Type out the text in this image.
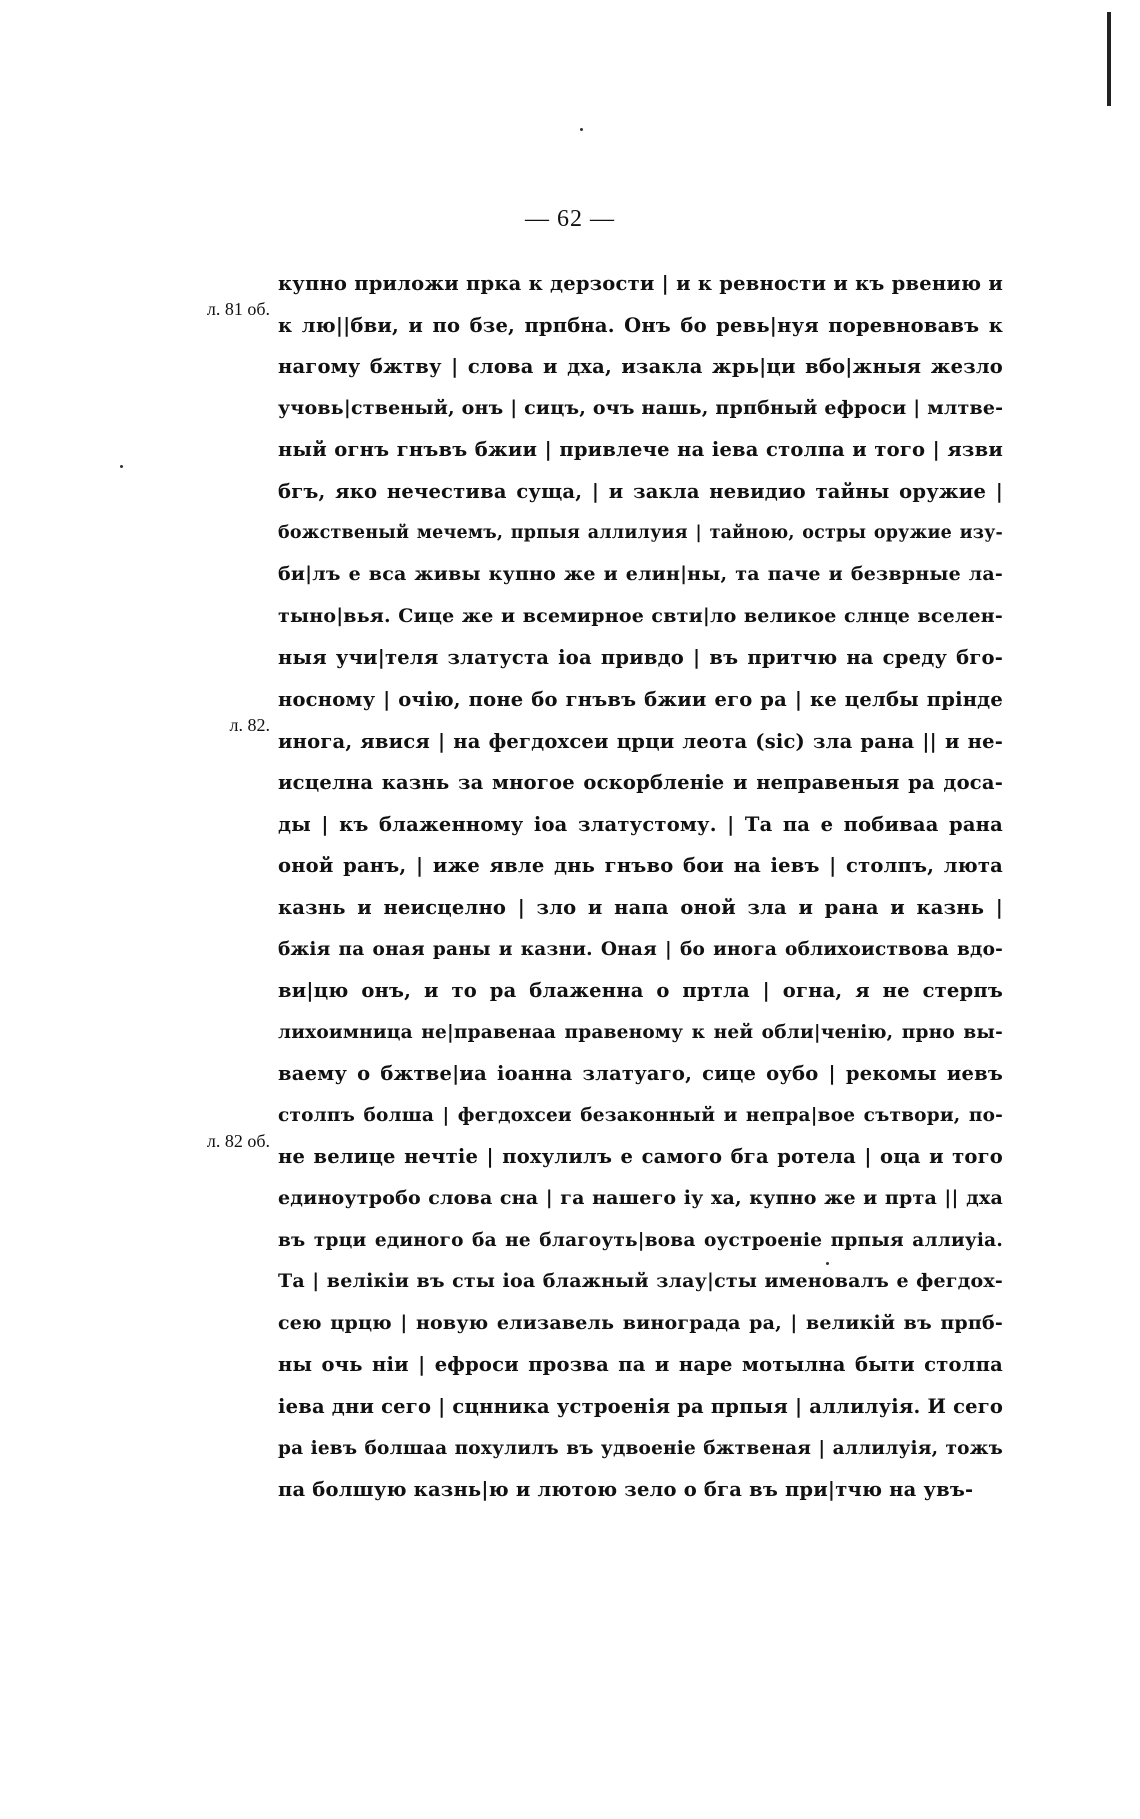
— 62 —
л. 81 об.
л. 82.
л. 82 об.
купно приложи прка к дерзости | и к ревности и къ рвению и
к лю||бви, и по бзе, прпбна. Онъ бо ревь|нуя поревновавъ к
нагому бжтву | слова и дха, изакла жрь|ци вбо|жныя жезло
учовь|ственый, онъ | сицъ, очъ нашь, прпбный ефроси | млтве-
ный огнъ гнъвъ бжии | привлече на іева столпа и того | язви
бгъ, яко нечестива суща, | и закла невидио тайны оружие |
божственый мечемъ, прпыя аллилуия | тайною, остры оружие изу-
би|лъ е вса живы купно же и елин|ны, та паче и безврные ла-
тыно|вья. Сице же и всемирное свти|ло великое слнце вселен-
ныя учи|теля златуста іоа привдо | въ притчю на среду бго-
носному | очію, поне бо гнъвъ бжии его ра | ке целбы прінде
инога, явися | на фегдохсеи црци леота (sic) зла рана || и не-
исцелна казнь за многое оскорбленіе и неправеныя ра доса-
ды | къ блаженному іоа златустому. | Та па е побиваа рана
оной ранъ, | иже явле днь гнъво бои на іевъ | столпъ, люта
казнь и неисцелно | зло и напа оной зла и рана и казнь |
бжія па оная раны и казни. Оная | бо инога облихоиствова вдо-
ви|цю онъ, и то ра блаженна о пртла | огна, я не стерпъ
лихоимница не|правенаа правеному к ней обли|ченію, прно вы-
ваему о бжтве|иа іоанна златуаго, сице оубо | рекомы иевъ
столпъ болша | фегдохсеи безаконный и непра|вое сътвори, по-
не велице нечтіе | похулилъ е самого бга ротела | оца и того
единоутробо слова сна | га нашего іу ха, купно же и прта || дха
въ трци единого ба не благоуть|вова оустроеніе прпыя аллиуіа.
Та | велікіи въ сты іоа блажный злау|сты именовалъ е фегдох-
сею црцю | новую елизавель винограда ра, | великій въ прпб-
ны очь ніи | ефроси прозва па и наре мотылна быти столпа
іева дни сего | сцнника устроенія ра прпыя | аллилуія. И сего
ра іевъ болшаа похулилъ въ удвоеніе бжтвеная | аллилуія, тожъ
па болшую казнь|ю и лютою зело о бга въ при|тчю на увъ-
